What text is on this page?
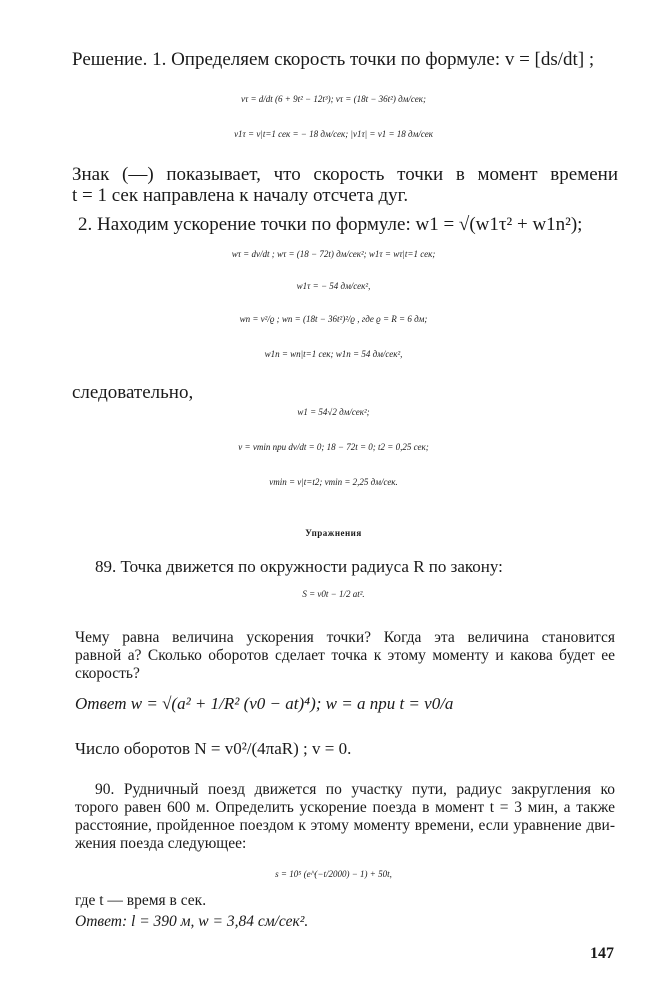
Решение. 1. Определяем скорость точки по формуле: v = [ds/dt] ;
vτ = d/dt (6 + 9t² − 12t³); vτ = (18t − 36t²) дм/сек;
v1τ = v|t=1 сек = − 18 дм/сек; |v1τ| = v1 = 18 дм/сек
Знак (—) показывает, что скорость точки в момент времени
t = 1 сек направлена к началу отсчета дуг.
2. Находим ускорение точки по формуле: w1 = √(w1τ² + w1n²);
wτ = dv/dt ; wτ = (18 − 72t) дм/сек²; w1τ = wτ|t=1 сек;
w1τ = − 54 дм/сек²,
wn = v²/ϱ ; wn = (18t − 36t²)²/ϱ , где ϱ = R = 6 дм;
w1n = wn|t=1 сек; w1n = 54 дм/сек²,
следовательно,
w1 = 54√2 дм/сек²;
v = vmin при dv/dt = 0; 18 − 72t = 0; t2 = 0,25 сек;
vmin = v|t=t2; vmin = 2,25 дм/сек.
Упражнения
89. Точка движется по окружности радиуса R по закону:
S = v0t − 1/2 at².
Чему равна величина ускорения точки? Когда эта величина становится
равной a? Сколько оборотов сделает точка к этому моменту и какова будет ее
скорость?
Ответ w = √(a² + 1/R² (v0 − at)⁴); w = a при t = v0/a
Число оборотов N = v0²/(4πaR) ; v = 0.
90. Рудничный поезд движется по участку пути, радиус закругления ко
торого равен 600 м. Определить ускорение поезда в момент t = 3 мин, а также
расстояние, пройденное поездом к этому моменту времени, если уравнение дви-
жения поезда следующее:
s = 10⁵ (e^(−t/2000) − 1) + 50t,
где t — время в сек.
Ответ: l = 390 м, w = 3,84 см/сек².
147
